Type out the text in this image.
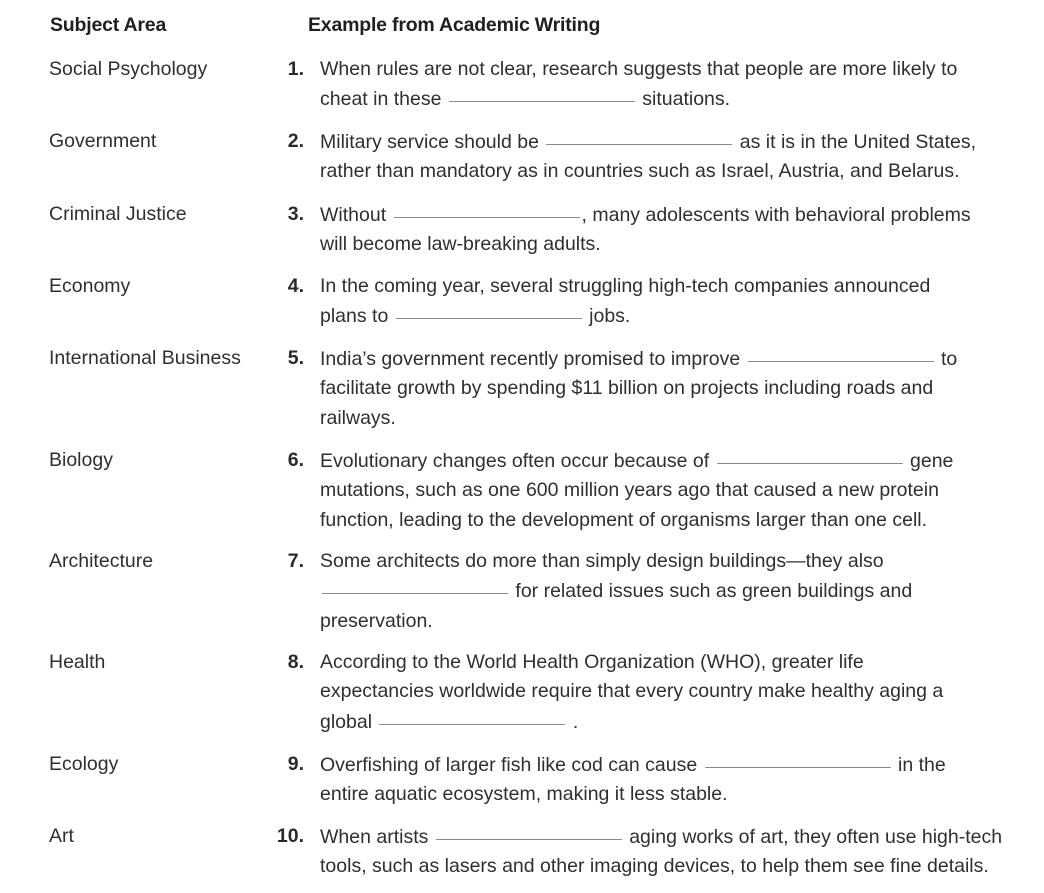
Subject Area	Example from Academic Writing
Social Psychology	1. When rules are not clear, research suggests that people are more likely to
cheat in these	situations.
Government	2. Military service should be	as it is in the United States,
rather than mandatory as in countries such as Israel, Austria, and Belarus.
Criminal Justice	3. Without	, many adolescents with behavioral problems
will become law-breaking adults.
Economy	4. In the coming year, several struggling high-tech companies announced
plans to	jobs.
International Business 5. India’s government recently promised to improve	to
facilitate growth by spending $11 billion on projects including roads and
railways.
Biology	6. Evolutionary changes often occur because of	gene
mutations, such as one 600 million years ago that caused a new protein
function, leading to the development of organisms larger than one cell.
Architecture	7. Some architects do more than simply design buildings—they also
for related issues such as green buildings and
preservation.
Health	8. According to the World Health Organization (WHO), greater life
expectancies worldwide require that every country make healthy aging a
global	.
Ecology	9. Overfishing of larger fish like cod can cause	in the
entire aquatic ecosystem, making it less stable.
Art	10. When artists	aging works of art, they often use high-tech
tools, such as lasers and other imaging devices, to help them see fine details.
